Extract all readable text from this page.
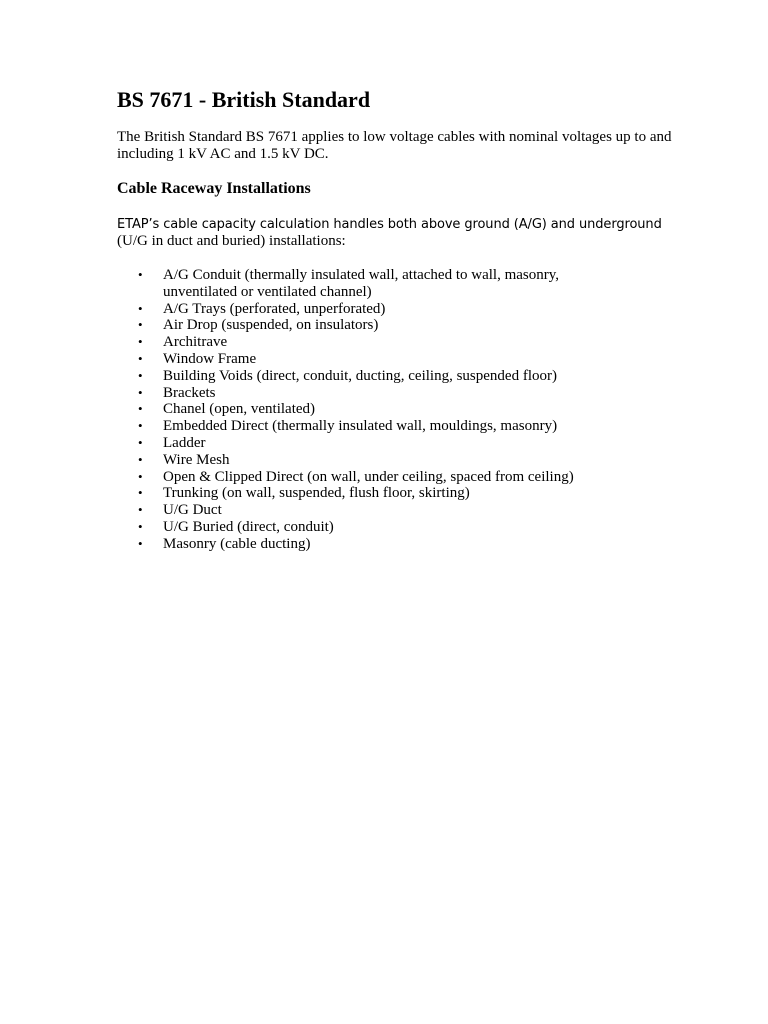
BS 7671 - British Standard

The British Standard BS 7671 applies to low voltage cables with nominal voltages up to and including 1 kV AC and 1.5 kV DC.

Cable Raceway Installations

ETAP’s cable capacity calculation handles both above ground (A/G) and underground
(U/G in duct and buried) installations:

• A/G Conduit (thermally insulated wall, attached to wall, masonry, unventilated or ventilated channel)
• A/G Trays (perforated, unperforated)
• Air Drop (suspended, on insulators)
• Architrave
• Window Frame
• Building Voids (direct, conduit, ducting, ceiling, suspended floor)
• Brackets
• Chanel (open, ventilated)
• Embedded Direct (thermally insulated wall, mouldings, masonry)
• Ladder
• Wire Mesh
• Open & Clipped Direct (on wall, under ceiling, spaced from ceiling)
• Trunking (on wall, suspended, flush floor, skirting)
• U/G Duct
• U/G Buried (direct, conduit)
• Masonry (cable ducting)
